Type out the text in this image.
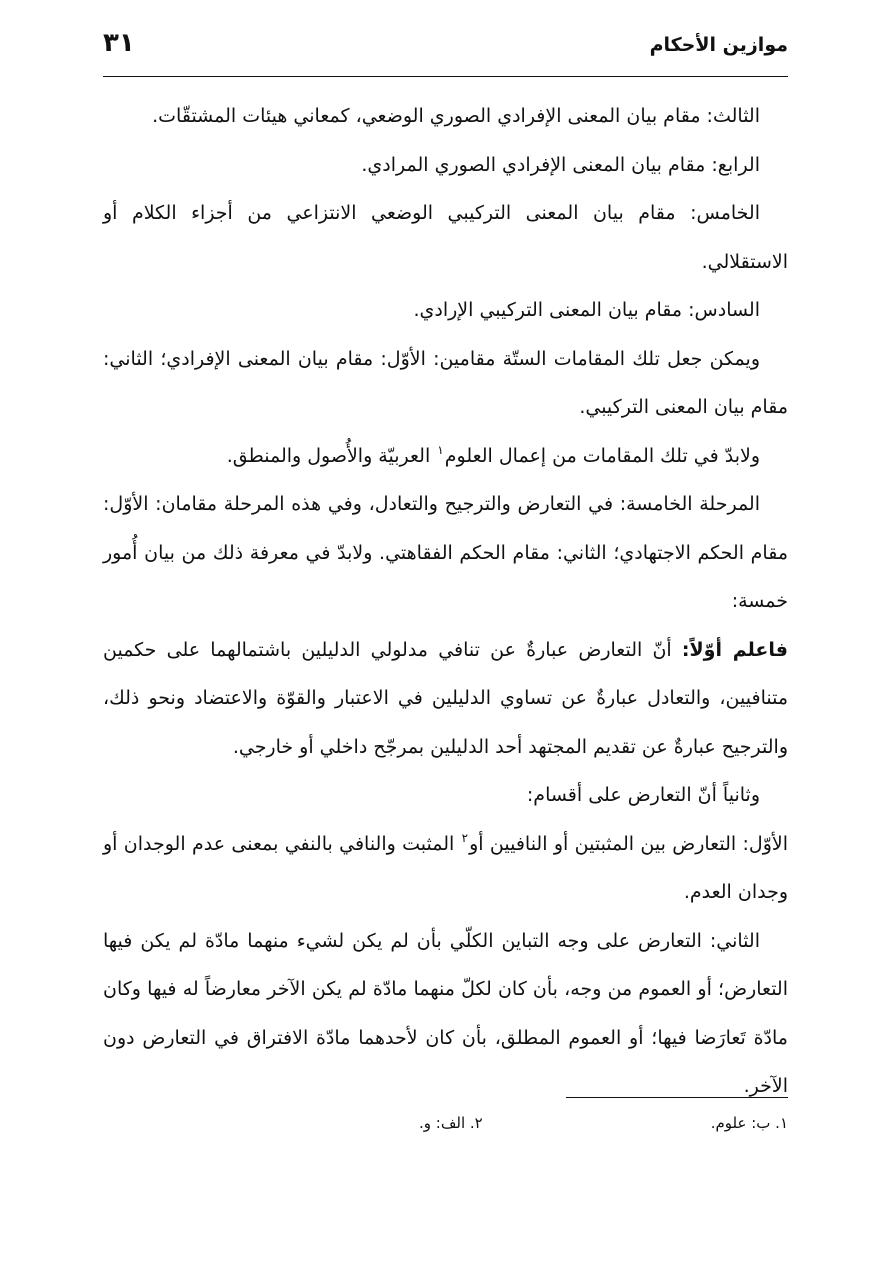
موازين الأحكام
٣١

الثالث: مقام بيان المعنى الإفرادي الصوري الوضعي، كمعاني هيئات المشتقّات.

الرابع: مقام بيان المعنى الإفرادي الصوري المرادي.

الخامس: مقام بيان المعنى التركيبي الوضعي الانتزاعي من أجزاء الكلام أو الاستقلالي.

السادس: مقام بيان المعنى التركيبي الإرادي.

ويمكن جعل تلك المقامات الستّة مقامين: الأوّل: مقام بيان المعنى الإفرادي؛ الثاني: مقام بيان المعنى التركيبي.

ولابدّ في تلك المقامات من إعمال العلوم$^١$ العربيّة والأُصول والمنطق.

المرحلة الخامسة: في التعارض والترجيح والتعادل، وفي هذه المرحلة مقامان: الأوّل: مقام الحكم الاجتهادي؛ الثاني: مقام الحكم الفقاهتي. ولابدّ في معرفة ذلك من بيان أُمور خمسة:

فاعلم أوّلاً: أنّ التعارض عبارةٌ عن تنافي مدلولي الدليلين باشتمالهما على حكمين متنافيين، والتعادل عبارةٌ عن تساوي الدليلين في الاعتبار والقوّة والاعتضاد ونحو ذلك، والترجيح عبارةٌ عن تقديم المجتهد أحد الدليلين بمرجّح داخلي أو خارجي.

وثانياً أنّ التعارض على أقسام:

الأوّل: التعارض بين المثبتين أو النافيين أو$^٢$ المثبت والنافي بالنفي بمعنى عدم الوجدان أو وجدان العدم.

الثاني: التعارض على وجه التباين الكلّي بأن لم يكن لشيء منهما مادّة لم يكن فيها التعارض؛ أو العموم من وجه، بأن كان لكلّ منهما مادّة لم يكن الآخر معارضاً له فيها وكان مادّة تَعارَضا فيها؛ أو العموم المطلق، بأن كان لأحدهما مادّة الافتراق في التعارض دون الآخر.

١. ب: علوم.
٢. الف: و.
